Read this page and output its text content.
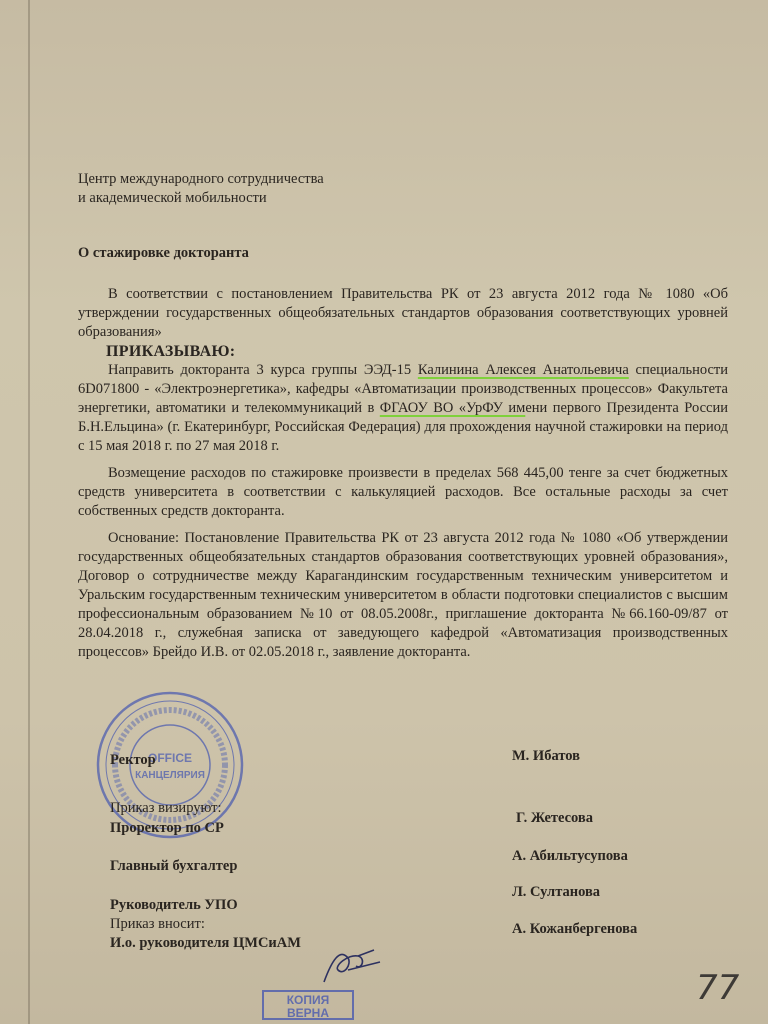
Центр международного сотрудничества
и академической мобильности
О стажировке докторанта

В соответствии с постановлением Правительства РК от 23 августа 2012 года № 1080 «Об утверждении государственных общеобязательных стандартов образования соответствующих уровней образования»

ПРИКАЗЫВАЮ:

Направить докторанта 3 курса группы ЭЭД-15 Калинина Алексея Анатольевича специальности 6D071800 - «Электроэнергетика», кафедры «Автоматизации производственных процессов» Факультета энергетики, автоматики и телекоммуникаций в ФГАОУ ВО «УрФУ имени первого Президента России Б.Н.Ельцина» (г. Екатеринбург, Российская Федерация) для прохождения научной стажировки на период с 15 мая 2018 г. по 27 мая 2018 г.

Возмещение расходов по стажировке произвести в пределах 568 445,00 тенге за счет бюджетных средств университета в соответствии с калькуляцией расходов. Все остальные расходы за счет собственных средств докторанта.

Основание: Постановление Правительства РК от 23 августа 2012 года № 1080 «Об утверждении государственных общеобязательных стандартов образования соответствующих уровней образования», Договор о сотрудничестве между Карагандинским государственным техническим университетом и Уральским государственным техническим университетом в области подготовки специалистов с высшим профессиональным образованием №10 от 08.05.2008г., приглашение докторанта №66.160-09/87 от 28.04.2018 г., служебная записка от заведующего кафедрой «Автоматизация производственных процессов» Брейдо И.В. от 02.05.2018 г., заявление докторанта.

OFFICE
КАНЦЕЛЯРИЯ
Ректор	М. Ибатов
Приказ визируют:
Проректор по СР
Г. Жетесова
Главный бухгалтер
А. Абильтусупова
Руководитель УПО
Л. Султанова
Приказ вносит:
И.о. руководителя ЦМСиАМ
А. Кожанбергенова
КОПИЯ
ВЕРНА
77
